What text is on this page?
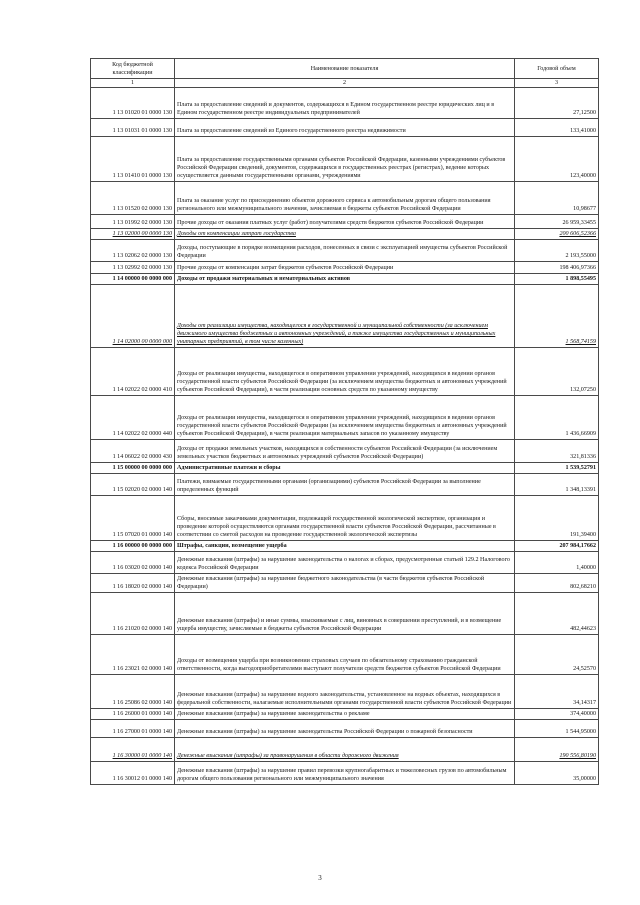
Код бюджетной классификации	Наименование показателя	Годовой объем
1	2	3
1 13 01020 01 0000 130	Плата за предоставление сведений и документов, содержащихся в Едином государственном реестре юридических лиц и в Едином государственном реестре индивидуальных предпринимателей	27,12500
1 13 01031 01 0000 130	Плата за предоставление сведений из Единого государственного реестра недвижимости	133,41000
1 13 01410 01 0000 130	Плата за предоставление государственными органами субъектов Российской Федерации, казенными учреждениями субъектов Российской Федерации сведений, документов, содержащихся в государственных реестрах (регистрах), ведение которых осуществляется данными государственными органами, учреждениями	123,40000
1 13 01520 02 0000 130	Плата за оказание услуг по присоединению объектов дорожного сервиса к автомобильным дорогам общего пользования регионального или межмуниципального значения, зачисляемая в бюджеты субъектов Российской Федерации	10,98677
1 13 01992 02 0000 130	Прочие доходы от оказания платных услуг (работ) получателями средств бюджетов субъектов Российской Федерации	26 959,33455
1 13 02000 00 0000 130	Доходы от компенсации затрат государства	200 606,52366
1 13 02062 02 0000 130	Доходы, поступающие в порядке возмещения расходов, понесенных в связи с эксплуатацией имущества субъектов Российской Федерации	2 193,55000
1 13 02992 02 0000 130	Прочие доходы от компенсации затрат бюджетов субъектов Российской Федерации	198 406,97366
1 14 00000 00 0000 000	Доходы от продажи материальных и нематериальных активов	1 898,55495
1 14 02000 00 0000 000	Доходы от реализации имущества, находящегося в государственной и муниципальной собственности (за исключением движимого имущества бюджетных и автономных учреждений, а также имущества государственных и муниципальных унитарных предприятий, в том числе казенных)	1 568,74159
1 14 02022 02 0000 410	Доходы от реализации имущества, находящегося в оперативном управлении учреждений, находящихся в ведении органов государственной власти субъектов Российской Федерации (за исключением имущества бюджетных и автономных учреждений субъектов Российской Федерации), в части реализации основных средств по указанному имуществу	132,07250
1 14 02022 02 0000 440	Доходы от реализации имущества, находящегося в оперативном управлении учреждений, находящихся в ведении органов государственной власти субъектов Российской Федерации (за исключением имущества бюджетных и автономных учреждений субъектов Российской Федерации), в части реализации материальных запасов по указанному имуществу	1 436,66909
1 14 06022 02 0000 430	Доходы от продажи земельных участков, находящихся в собственности субъектов Российской Федерации (за исключением земельных участков бюджетных и автономных учреждений субъектов Российской Федерации)	321,81336
1 15 00000 00 0000 000	Административные платежи и сборы	1 539,52791
1 15 02020 02 0000 140	Платежи, взимаемые государственными органами (организациями) субъектов Российской Федерации за выполнение определенных функций	1 348,13391
1 15 07020 01 0000 140	Сборы, вносимые заказчиками документации, подлежащей государственной экологической экспертизе, организация и проведение которой осуществляются органами государственной власти субъектов Российской Федерации, рассчитанные в соответствии со сметой расходов на проведение государственной экологической экспертизы	191,39400
1 16 00000 00 0000 000	Штрафы, санкции, возмещение ущерба	207 984,17662
1 16 03020 02 0000 140	Денежные взыскания (штрафы) за нарушение законодательства о налогах и сборах, предусмотренные статьей 129.2 Налогового кодекса Российской Федерации	1,40000
1 16 18020 02 0000 140	Денежные взыскания (штрафы) за нарушение бюджетного законодательства (в части бюджетов субъектов Российской Федерации)	802,68210
1 16 21020 02 0000 140	Денежные взыскания (штрафы) и иные суммы, взыскиваемые с лиц, виновных в совершении преступлений, и в возмещение ущерба имуществу, зачисляемые в бюджеты субъектов Российской Федерации	482,44623
1 16 23021 02 0000 140	Доходы от возмещения ущерба при возникновении страховых случаев по обязательному страхованию гражданской ответственности, когда выгодоприобретателями выступают получатели средств бюджетов субъектов Российской Федерации	24,52570
1 16 25086 02 0000 140	Денежные взыскания (штрафы) за нарушение водного законодательства, установленное на водных объектах, находящихся в федеральной собственности, налагаемые исполнительными органами государственной власти субъектов Российской Федерации	34,14317
1 16 26000 01 0000 140	Денежные взыскания (штрафы) за нарушение законодательства о рекламе	374,40000
1 16 27000 01 0000 140	Денежные взыскания (штрафы) за нарушение законодательства Российской Федерации о пожарной безопасности	1 544,95000
1 16 30000 01 0000 140	Денежные взыскания (штрафы) за правонарушения в области дорожного движения	190 556,80190
1 16 30012 01 0000 140	Денежные взыскания (штрафы) за нарушение правил перевозки крупногабаритных и тяжеловесных грузов по автомобильным дорогам общего пользования регионального или межмуниципального значения	35,00000
3
